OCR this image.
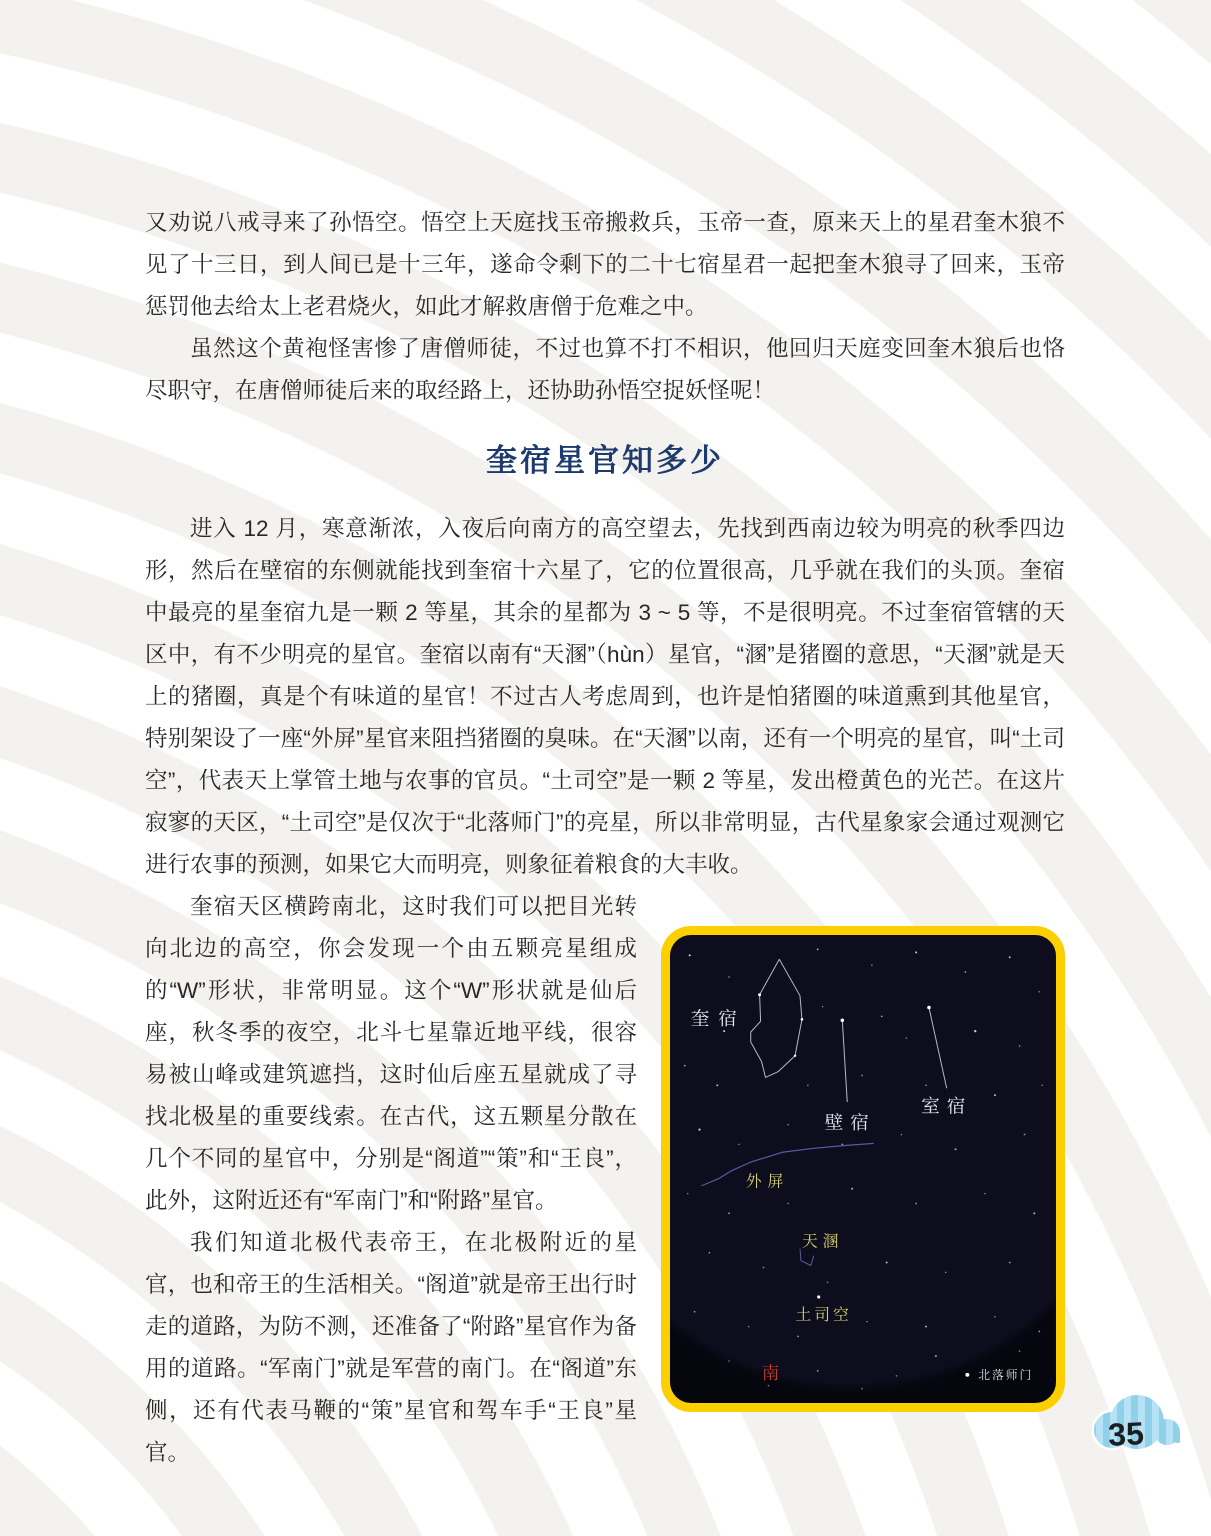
又劝说八戒寻来了孙悟空。悟空上天庭找玉帝搬救兵，玉帝一查，原来天上的星君奎木狼不见了十三日，到人间已是十三年，遂命令剩下的二十七宿星君一起把奎木狼寻了回来，玉帝惩罚他去给太上老君烧火，如此才解救唐僧于危难之中。

虽然这个黄袍怪害惨了唐僧师徒，不过也算不打不相识，他回归天庭变回奎木狼后也恪尽职守，在唐僧师徒后来的取经路上，还协助孙悟空捉妖怪呢！

奎宿星官知多少

进入 12 月，寒意渐浓，入夜后向南方的高空望去，先找到西南边较为明亮的秋季四边形，然后在壁宿的东侧就能找到奎宿十六星了，它的位置很高，几乎就在我们的头顶。奎宿中最亮的星奎宿九是一颗 2 等星，其余的星都为 3 ~ 5 等，不是很明亮。不过奎宿管辖的天区中，有不少明亮的星官。奎宿以南有“天溷”（hùn）星官，“溷”是猪圈的意思，“天溷”就是天上的猪圈，真是个有味道的星官！不过古人考虑周到，也许是怕猪圈的味道熏到其他星官，特别架设了一座“外屏”星官来阻挡猪圈的臭味。在“天溷”以南，还有一个明亮的星官，叫“土司空”，代表天上掌管土地与农事的官员。“土司空”是一颗 2 等星，发出橙黄色的光芒。在这片寂寥的天区，“土司空”是仅次于“北落师门”的亮星，所以非常明显，古代星象家会通过观测它进行农事的预测，如果它大而明亮，则象征着粮食的大丰收。

奎宿
壁宿
室宿
外屏
天溷
土司空
南	北落师门

奎宿天区横跨南北，这时我们可以把目光转向北边的高空，你会发现一个由五颗亮星组成的“W”形状，非常明显。这个“W”形状就是仙后座，秋冬季的夜空，北斗七星靠近地平线，很容易被山峰或建筑遮挡，这时仙后座五星就成了寻找北极星的重要线索。在古代，这五颗星分散在几个不同的星官中，分别是“阁道”“策”和“王良”，此外，这附近还有“军南门”和“附路”星官。

我们知道北极代表帝王，在北极附近的星官，也和帝王的生活相关。“阁道”就是帝王出行时走的道路，为防不测，还准备了“附路”星官作为备用的道路。“军南门”就是军营的南门。在“阁道”东侧，还有代表马鞭的“策”星官和驾车手“王良”星官。	35
